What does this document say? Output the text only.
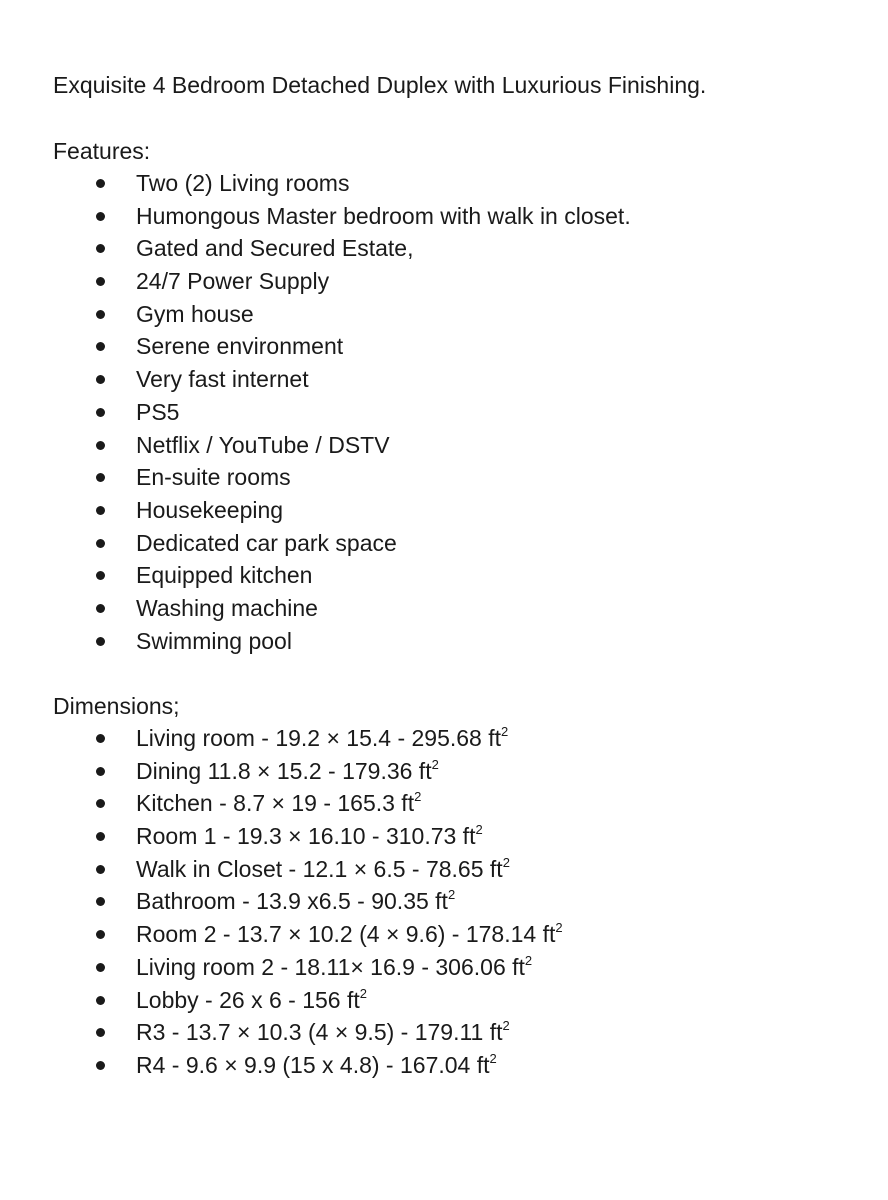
Exquisite 4 Bedroom Detached Duplex with Luxurious Finishing.
Features:
Two (2) Living rooms
Humongous Master bedroom with walk in closet.
Gated and Secured Estate,
24/7 Power Supply
Gym house
Serene environment
Very fast internet
PS5
Netflix / YouTube / DSTV
En-suite rooms
Housekeeping
Dedicated car park space
Equipped kitchen
Washing machine
Swimming pool
Dimensions;
Living room - 19.2 × 15.4 - 295.68 $ft^2$
Dining 11.8 × 15.2 - 179.36 $ft^2$
Kitchen - 8.7 × 19 - 165.3 $ft^2$
Room 1 - 19.3 × 16.10 - 310.73 $ft^2$
Walk in Closet - 12.1 × 6.5 - 78.65 $ft^2$
Bathroom - 13.9 x6.5 - 90.35 $ft^2$
Room 2 - 13.7 × 10.2 (4 × 9.6) - 178.14 $ft^2$
Living room 2 - 18.11× 16.9 - 306.06 $ft^2$
Lobby - 26 x 6 - 156 $ft^2$
R3 - 13.7 × 10.3 (4 × 9.5) - 179.11 $ft^2$
R4 - 9.6 × 9.9 (15 x 4.8) - 167.04 $ft^2$
